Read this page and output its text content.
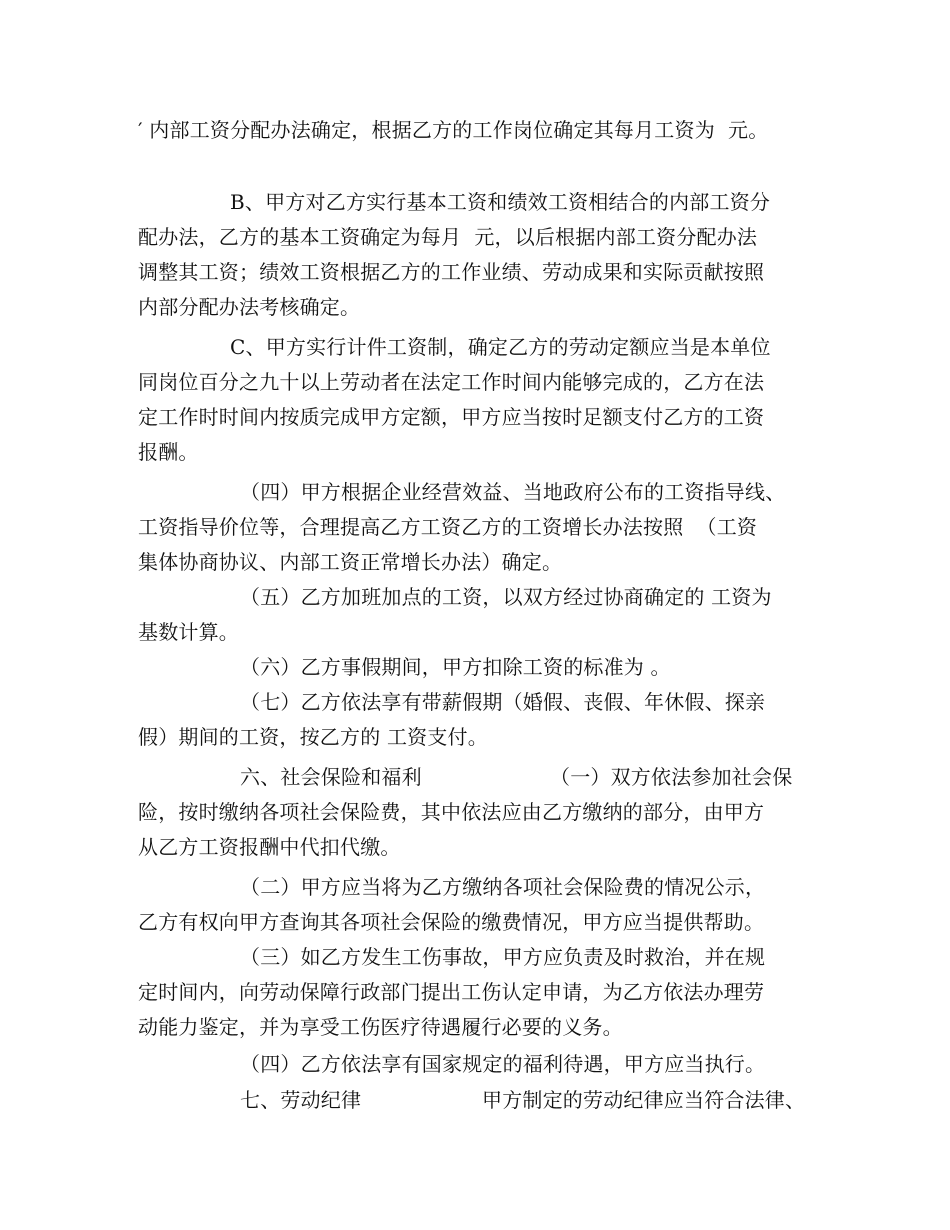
′ 内部工资分配办法确定，根据乙方的工作岗位确定其每月工资为  元。
B、甲方对乙方实行基本工资和绩效工资相结合的内部工资分
配办法，乙方的基本工资确定为每月  元，以后根据内部工资分配办法
调整其工资；绩效工资根据乙方的工作业绩、劳动成果和实际贡献按照
内部分配办法考核确定。
C、甲方实行计件工资制，确定乙方的劳动定额应当是本单位
同岗位百分之九十以上劳动者在法定工作时间内能够完成的，乙方在法
定工作时时间内按质完成甲方定额，甲方应当按时足额支付乙方的工资
报酬。
（四）甲方根据企业经营效益、当地政府公布的工资指导线、
工资指导价位等，合理提高乙方工资乙方的工资增长办法按照  （工资
集体协商协议、内部工资正常增长办法）确定。
（五）乙方加班加点的工资，以双方经过协商确定的 工资为
基数计算。
（六）乙方事假期间，甲方扣除工资的标准为 。
（七）乙方依法享有带薪假期（婚假、丧假、年休假、探亲
假）期间的工资，按乙方的 工资支付。
六、社会保险和福利	（一）双方依法参加社会保
险，按时缴纳各项社会保险费，其中依法应由乙方缴纳的部分，由甲方
从乙方工资报酬中代扣代缴。
（二）甲方应当将为乙方缴纳各项社会保险费的情况公示，
乙方有权向甲方查询其各项社会保险的缴费情况，甲方应当提供帮助。
（三）如乙方发生工伤事故，甲方应负责及时救治，并在规
定时间内，向劳动保障行政部门提出工伤认定申请，为乙方依法办理劳
动能力鉴定，并为享受工伤医疗待遇履行必要的义务。
（四）乙方依法享有国家规定的福利待遇，甲方应当执行。
七、劳动纪律	甲方制定的劳动纪律应当符合法律、
